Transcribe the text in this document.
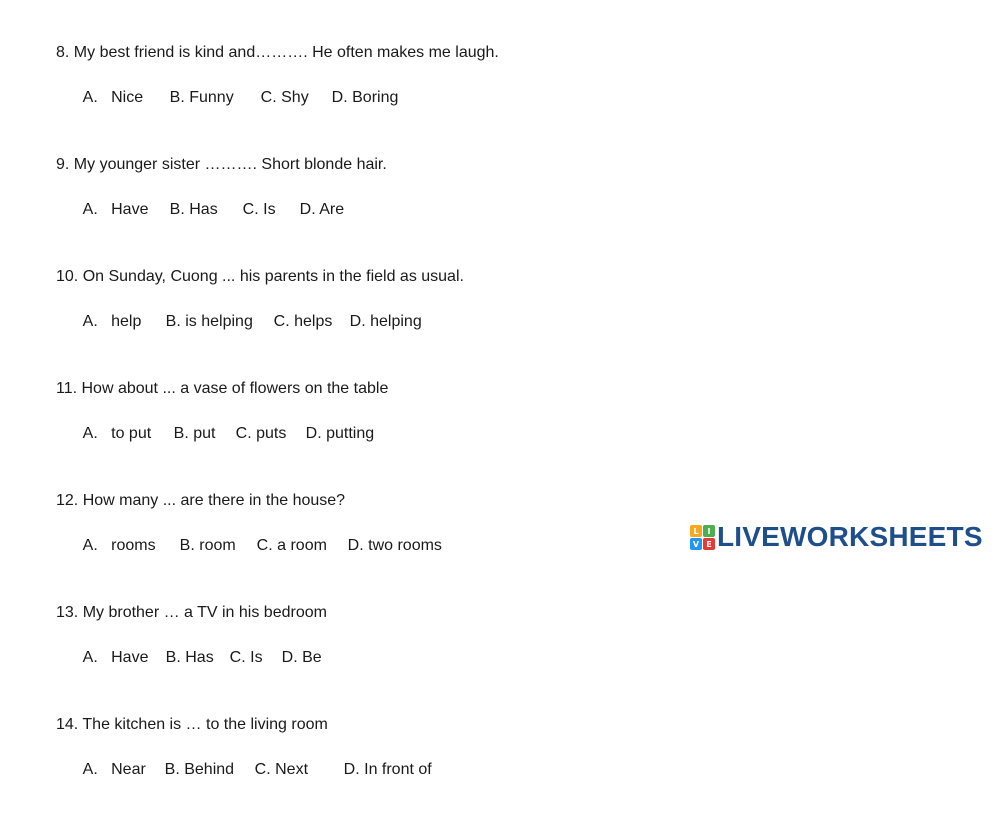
8. My best friend is kind and………. He often makes me laugh.

A.   Nice B. Funny C. Shy D. Boring

9. My younger sister ………. Short blonde hair.

A.   Have B. Has C. Is D. Are

10. On Sunday, Cuong ... his parents in the field as usual.

A.   help B. is helping C. helps D. helping

11. How about ... a vase of flowers on the table

A.   to put B. put C. puts D. putting

12. How many ... are there in the house?

A.   rooms B. room C. a room D. two rooms

13. My brother … a TV in his bedroom

A.   Have B. Has C. Is D. Be

14. The kitchen is … to the living room

A.   Near B. Behind C. Next D. In front of

L	I
V E LIVEWORKSHEETS
